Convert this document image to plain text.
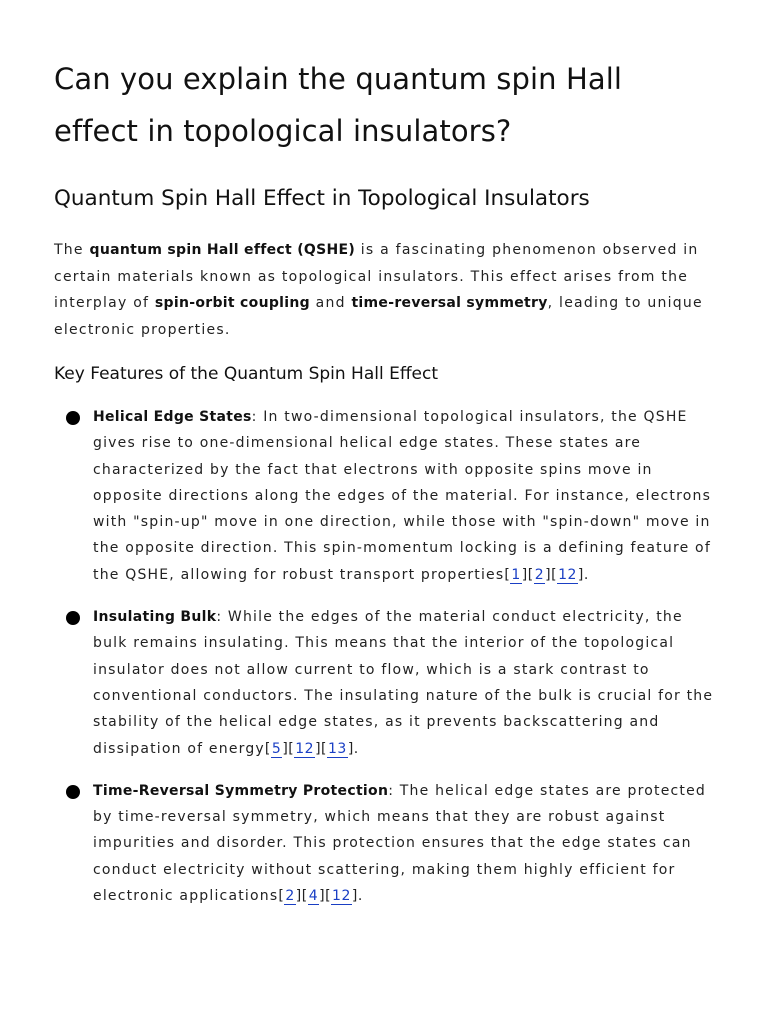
Can you explain the quantum spin Hall effect in topological insulators?
Quantum Spin Hall Effect in Topological Insulators

The quantum spin Hall effect (QSHE) is a fascinating phenomenon observed in certain materials known as topological insulators. This effect arises from the interplay of spin-orbit coupling and time-reversal symmetry, leading to unique electronic properties.

Key Features of the Quantum Spin Hall Effect
Helical Edge States: In two-dimensional topological insulators, the QSHE gives rise to one-dimensional helical edge states. These states are characterized by the fact that electrons with opposite spins move in opposite directions along the edges of the material. For instance, electrons with "spin-up" move in one direction, while those with "spin-down" move in the opposite direction. This spin-momentum locking is a defining feature of the QSHE, allowing for robust transport properties[1][2][12].
Insulating Bulk: While the edges of the material conduct electricity, the bulk remains insulating. This means that the interior of the topological insulator does not allow current to flow, which is a stark contrast to conventional conductors. The insulating nature of the bulk is crucial for the stability of the helical edge states, as it prevents backscattering and dissipation of energy[5][12][13].
Time-Reversal Symmetry Protection: The helical edge states are protected by time-reversal symmetry, which means that they are robust against impurities and disorder. This protection ensures that the edge states can conduct electricity without scattering, making them highly efficient for electronic applications[2][4][12].
